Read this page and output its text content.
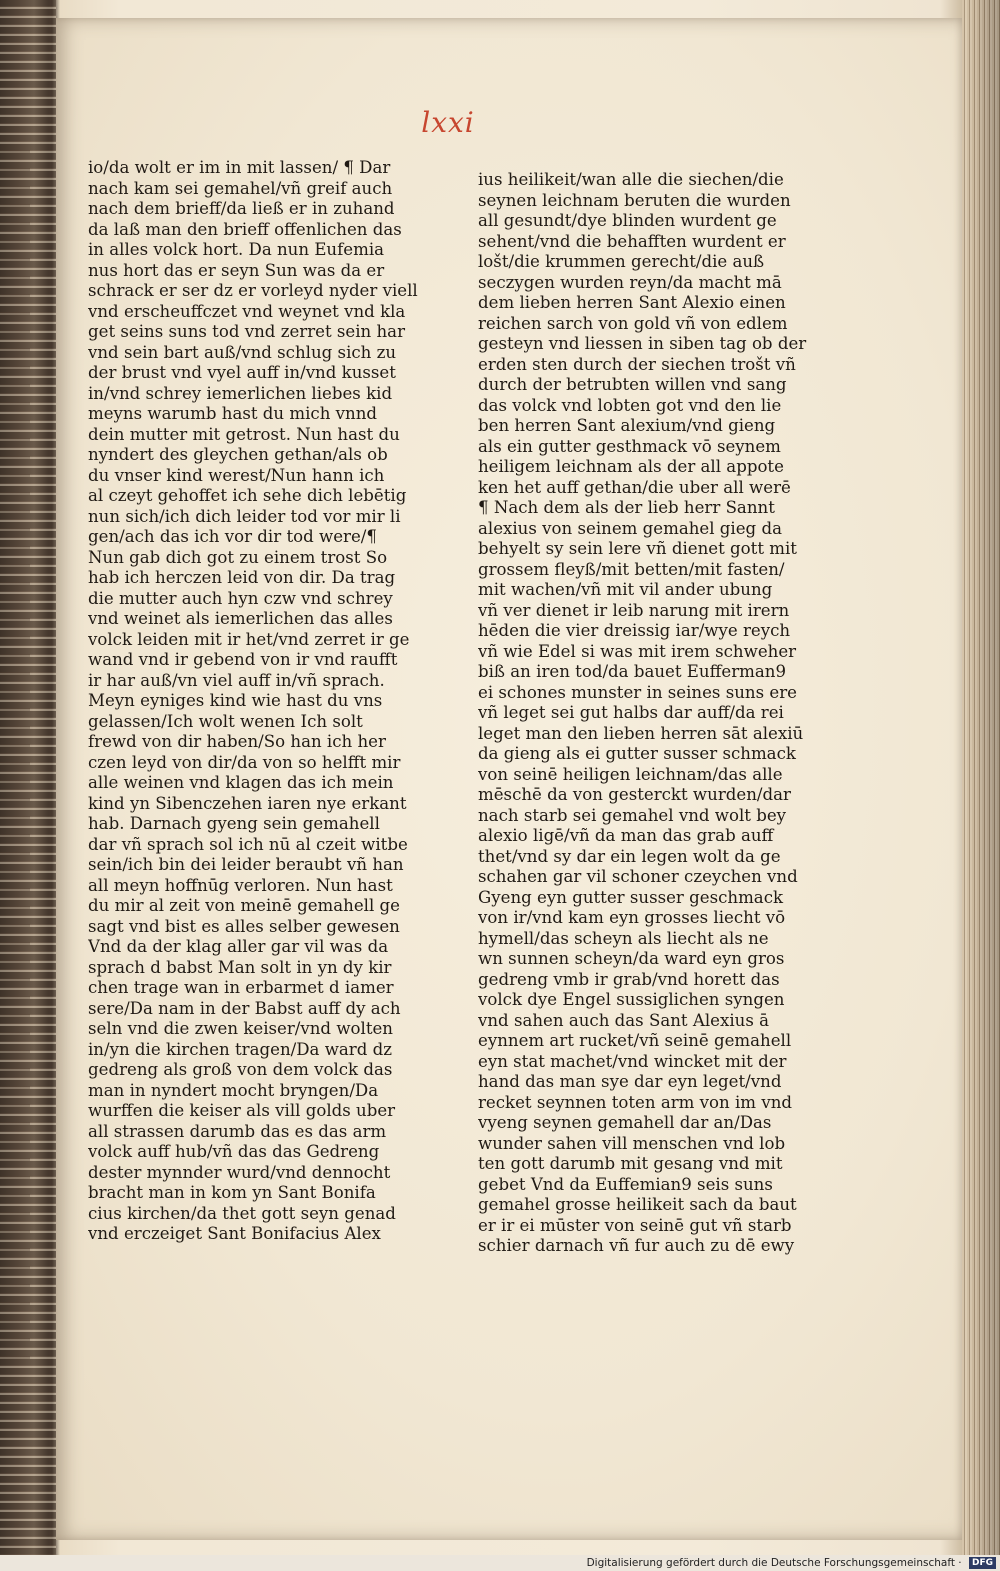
lxxi
io/da wolt er im in mit lassen/ ¶ Dar
nach kam sei gemahel/vñ greif auch
nach dem brieff/da ließ er in zuhand
da laß man den brieff offenlichen das
in alles volck hort. Da nun Eufemia
nus hort das er seyn Sun was da er
schrack er ser dz er vorleyd nyder viell
vnd erscheuffczet vnd weynet vnd kla
get seins suns tod vnd zerret sein har
vnd sein bart auß/vnd schlug sich zu
der brust vnd vyel auff in/vnd kusset
in/vnd schrey iemerlichen liebes kid
meyns warumb hast du mich vnnd
dein mutter mit getrost. Nun hast du
nyndert des gleychen gethan/als ob
du vnser kind werest/Nun hann ich
al czeyt gehoffet ich sehe dich lebētig
nun sich/ich dich leider tod vor mir li
gen/ach das ich vor dir tod were/¶
Nun gab dich got zu einem trost So
hab ich herczen leid von dir. Da trag
die mutter auch hyn czw vnd schrey
vnd weinet als iemerlichen das alles
volck leiden mit ir het/vnd zerret ir ge
wand vnd ir gebend von ir vnd raufft
ir har auß/vn viel auff in/vñ sprach.
Meyn eyniges kind wie hast du vns
gelassen/Ich wolt wenen Ich solt
frewd von dir haben/So han ich her
czen leyd von dir/da von so helfft mir
alle weinen vnd klagen das ich mein
kind yn Sibenczehen iaren nye erkant
hab. Darnach gyeng sein gemahell
dar vñ sprach sol ich nū al czeit witbe
sein/ich bin dei leider beraubt vñ han
all meyn hoffnūg verloren. Nun hast
du mir al zeit von meinē gemahell ge
sagt vnd bist es alles selber gewesen
Vnd da der klag aller gar vil was da
sprach d̄ babst Man solt in yn dy kir
chen trage wan in erbarmet d̄ iamer
sere/Da nam in der Babst auff dy ach
seln vnd die zwen keiser/vnd wolten
in/yn die kirchen tragen/Da ward dz
gedreng als groß von dem volck das
man in nyndert mocht bryngen/Da
wurffen die keiser als vill golds uber
all strassen darumb das es das arm
volck auff hub/vñ das das Gedreng
dester mynnder wurd/vnd dennocht
bracht man in kom yn Sant Bonifa
cius kirchen/da thet gott seyn genad
vnd erczeiget Sant Bonifacius Alex
ius heilikeit/wan alle die siechen/die
seynen leichnam beruten die wurden
all gesundt/dye blinden wurdent ge
sehent/vnd die behafften wurdent er
lošt/die krummen gerecht/die auß
seczygen wurden reyn/da macht mā
dem lieben herren Sant Alexio einen
reichen sarch von gold vñ von edlem
gesteyn vnd liessen in siben tag ob der
erden sten durch der siechen trošt vñ
durch der betrubten willen vnd sang
das volck vnd lobten got vnd den lie
ben herren Sant alexium/vnd gieng
als ein gutter gesthmack vō seynem
heiligem leichnam als der all appote
ken het auff gethan/die uber all werē
¶ Nach dem als der lieb herr Sannt
alexius von seinem gemahel gieg da
behyelt sy sein lere vñ dienet gott mit
grossem fleyß/mit betten/mit fasten/
mit wachen/vñ mit vil ander ubung
vñ ver dienet ir leib narung mit irern
hēden die vier dreissig iar/wye reych
vñ wie Edel si was mit irem schweher
biß an iren tod/da bauet Eufferman9
ei schones munster in seines suns ere
vñ leget sei gut halbs dar auff/da rei
leget man den lieben herren sāt alexiū
da gieng als ei gutter susser schmack
von seinē heiligen leichnam/das alle
mēschē da von gesterckt wurden/dar
nach starb sei gemahel vnd wolt bey
alexio ligē/vñ da man das grab auff
thet/vnd sy dar ein legen wolt da ge
schahen gar vil schoner czeychen vnd
Gyeng eyn gutter susser geschmack
von ir/vnd kam eyn grosses liecht vō
hymell/das scheyn als liecht als ne
wn sunnen scheyn/da ward eyn gros
gedreng vmb ir grab/vnd horett das
volck dye Engel sussiglichen syngen
vnd sahen auch das Sant Alexius ā
eynnem art rucket/vñ seinē gemahell
eyn stat machet/vnd wincket mit der
hand das man sye dar eyn leget/vnd
recket seynnen toten arm von im vnd
vyeng seynen gemahell dar an/Das
wunder sahen vill menschen vnd lob
ten gott darumb mit gesang vnd mit
gebet Vnd da Euffemian9 seis suns
gemahel grosse heilikeit sach da baut
er ir ei mūster von seinē gut vñ starb
schier darnach vñ fur auch zu dē ewy
Digitalisierung gefördert durch die Deutsche Forschungsgemeinschaft · DFG
